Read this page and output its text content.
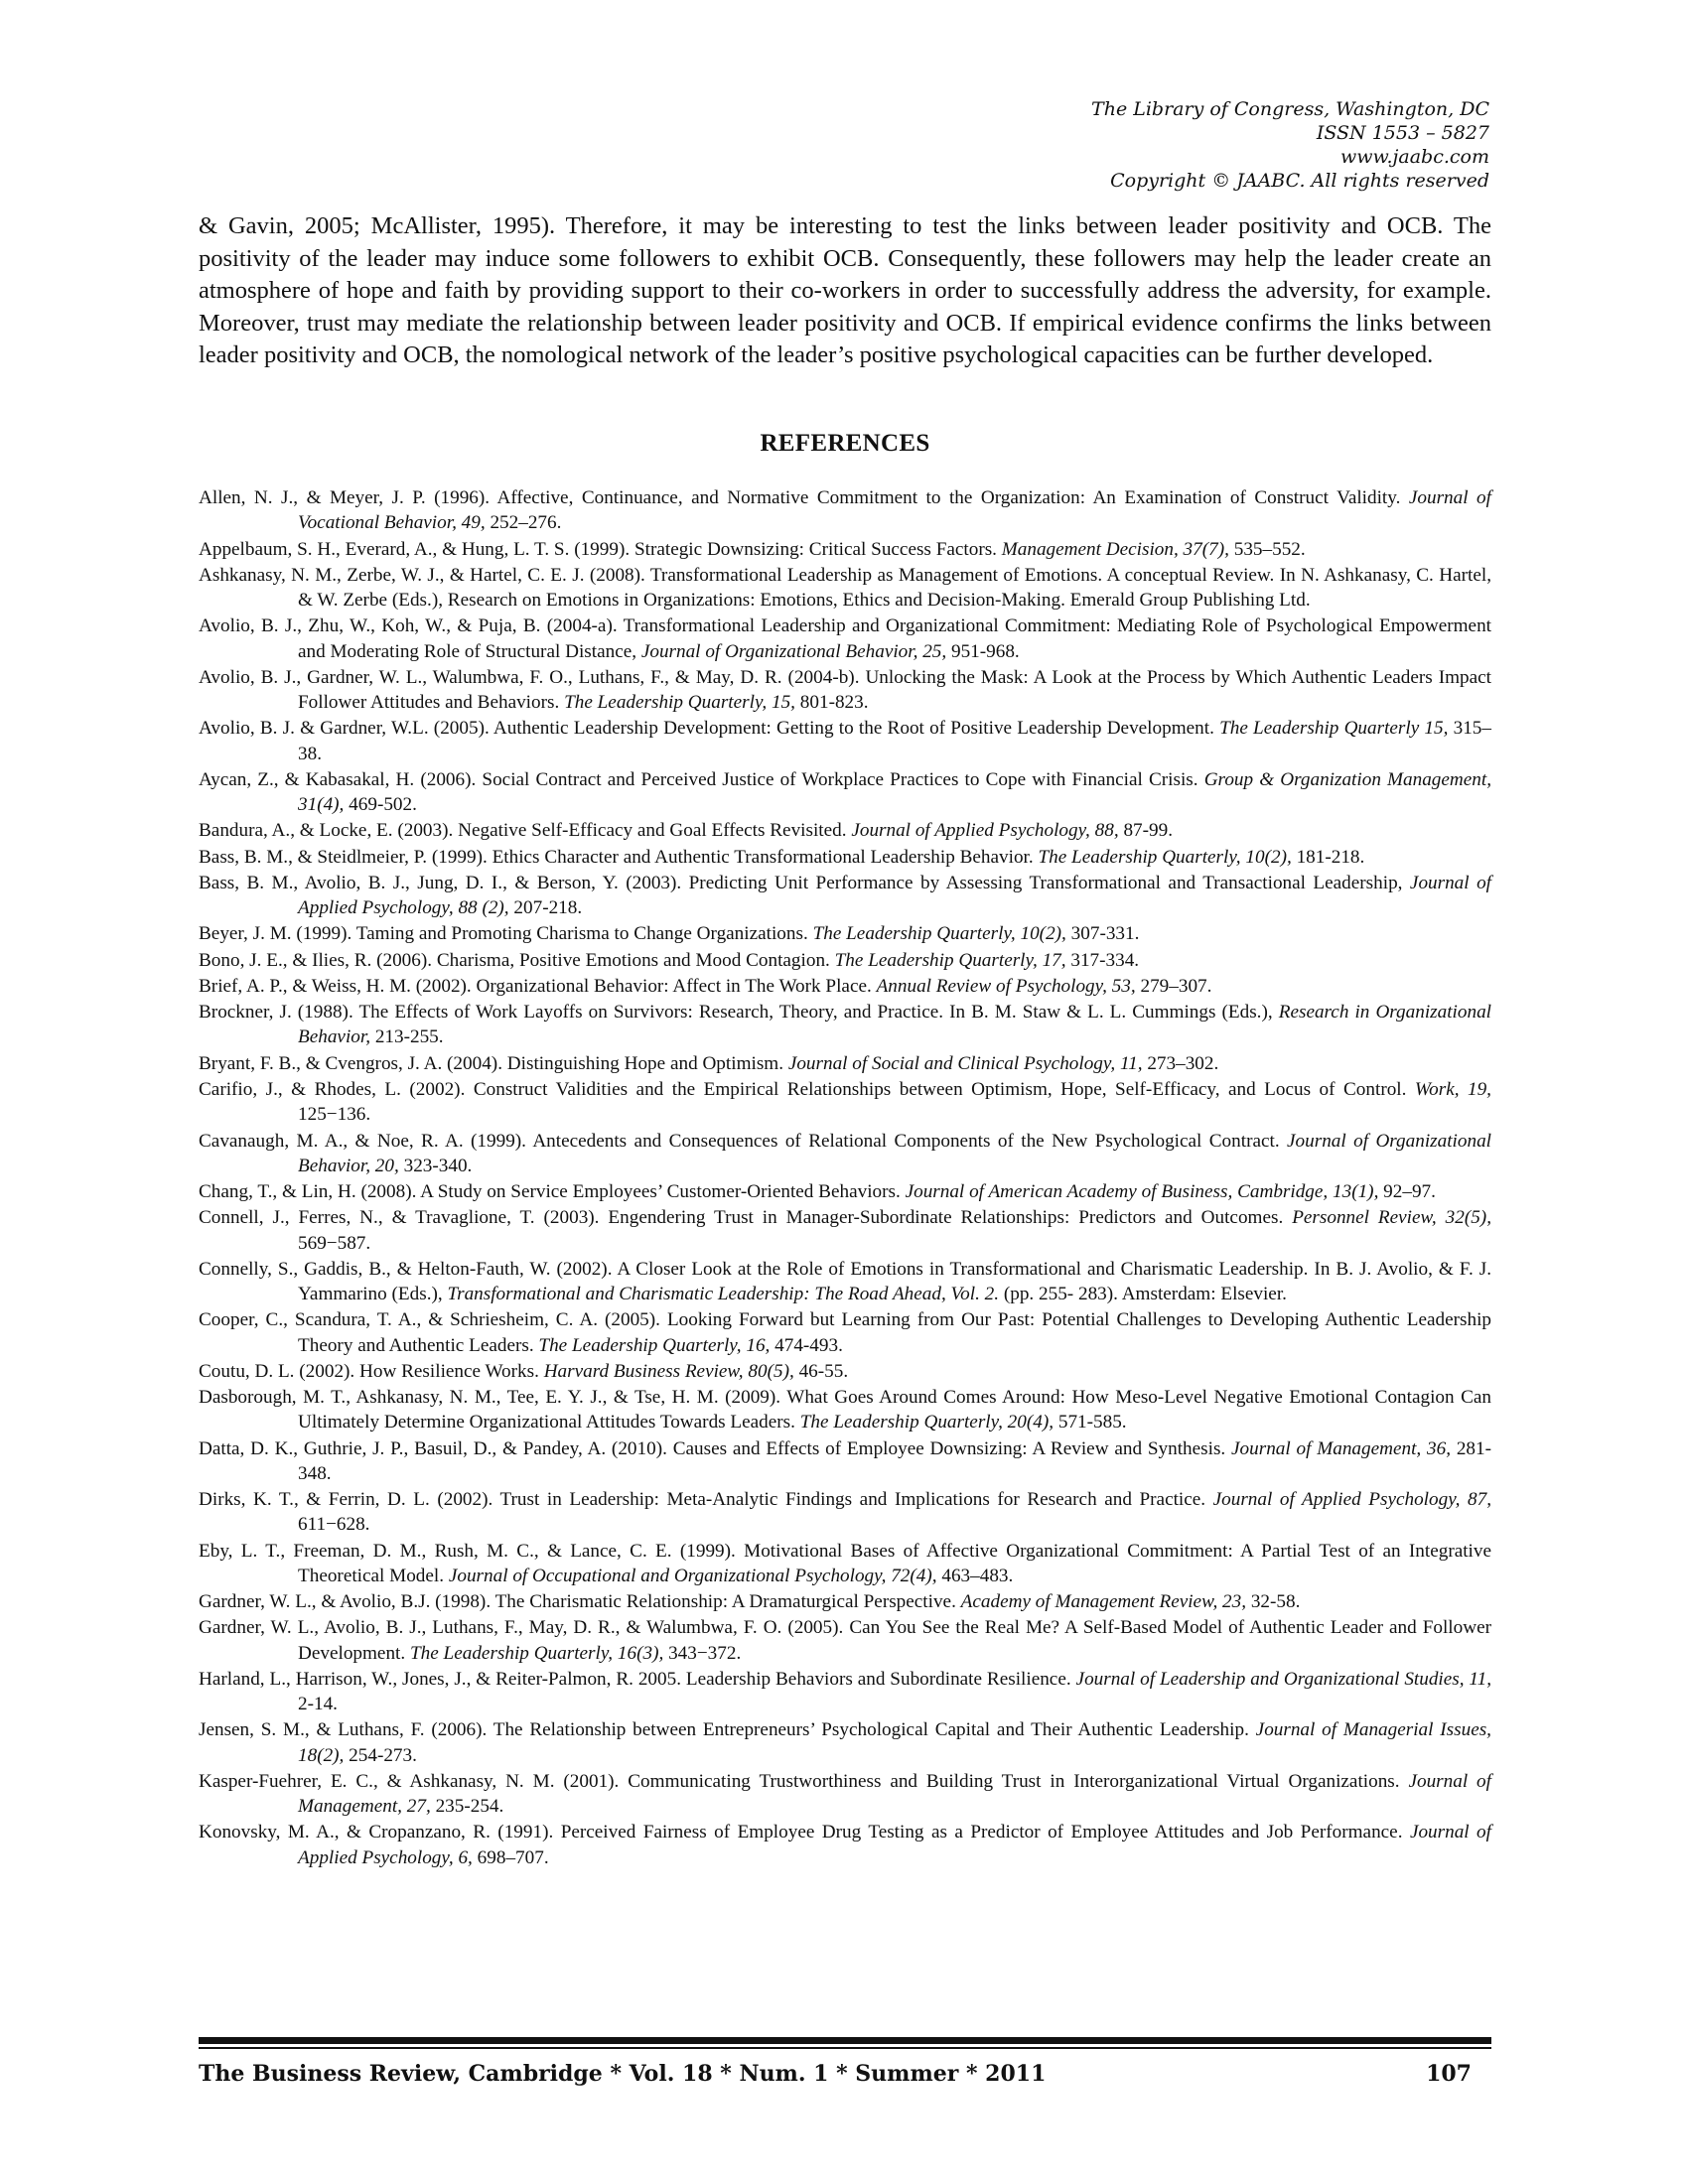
The Library of Congress, Washington, DC
ISSN 1553 – 5827
www.jaabc.com
Copyright © JAABC. All rights reserved

& Gavin, 2005; McAllister, 1995). Therefore, it may be interesting to test the links between leader positivity and OCB. The positivity of the leader may induce some followers to exhibit OCB. Consequently, these followers may help the leader create an atmosphere of hope and faith by providing support to their co-workers in order to successfully address the adversity, for example. Moreover, trust may mediate the relationship between leader positivity and OCB. If empirical evidence confirms the links between leader positivity and OCB, the nomological network of the leader’s positive psychological capacities can be further developed.

REFERENCES
Allen, N. J., & Meyer, J. P. (1996). Affective, Continuance, and Normative Commitment to the Organization: An Examination of Construct Validity. Journal of Vocational Behavior, 49, 252–276.
Appelbaum, S. H., Everard, A., & Hung, L. T. S. (1999). Strategic Downsizing: Critical Success Factors. Management Decision, 37(7), 535–552.
Ashkanasy, N. M., Zerbe, W. J., & Hartel, C. E. J. (2008). Transformational Leadership as Management of Emotions. A conceptual Review. In N. Ashkanasy, C. Hartel, & W. Zerbe (Eds.), Research on Emotions in Organizations: Emotions, Ethics and Decision-Making. Emerald Group Publishing Ltd.
Avolio, B. J., Zhu, W., Koh, W., & Puja, B. (2004-a). Transformational Leadership and Organizational Commitment: Mediating Role of Psychological Empowerment and Moderating Role of Structural Distance, Journal of Organizational Behavior, 25, 951-968.
Avolio, B. J., Gardner, W. L., Walumbwa, F. O., Luthans, F., & May, D. R. (2004-b). Unlocking the Mask: A Look at the Process by Which Authentic Leaders Impact Follower Attitudes and Behaviors. The Leadership Quarterly, 15, 801-823.
Avolio, B. J. & Gardner, W.L. (2005). Authentic Leadership Development: Getting to the Root of Positive Leadership Development. The Leadership Quarterly 15, 315–38.
Aycan, Z., & Kabasakal, H. (2006). Social Contract and Perceived Justice of Workplace Practices to Cope with Financial Crisis. Group & Organization Management, 31(4), 469-502.
Bandura, A., & Locke, E. (2003). Negative Self-Efficacy and Goal Effects Revisited. Journal of Applied Psychology, 88, 87-99.
Bass, B. M., & Steidlmeier, P. (1999). Ethics Character and Authentic Transformational Leadership Behavior. The Leadership Quarterly, 10(2), 181-218.
Bass, B. M., Avolio, B. J., Jung, D. I., & Berson, Y. (2003). Predicting Unit Performance by Assessing Transformational and Transactional Leadership, Journal of Applied Psychology, 88 (2), 207-218.
Beyer, J. M. (1999). Taming and Promoting Charisma to Change Organizations. The Leadership Quarterly, 10(2), 307-331.
Bono, J. E., & Ilies, R. (2006). Charisma, Positive Emotions and Mood Contagion. The Leadership Quarterly, 17, 317-334.
Brief, A. P., & Weiss, H. M. (2002). Organizational Behavior: Affect in The Work Place. Annual Review of Psychology, 53, 279–307.
Brockner, J. (1988). The Effects of Work Layoffs on Survivors: Research, Theory, and Practice. In B. M. Staw & L. L. Cummings (Eds.), Research in Organizational Behavior, 213-255.
Bryant, F. B., & Cvengros, J. A. (2004). Distinguishing Hope and Optimism. Journal of Social and Clinical Psychology, 11, 273–302.
Carifio, J., & Rhodes, L. (2002). Construct Validities and the Empirical Relationships between Optimism, Hope, Self-Efficacy, and Locus of Control. Work, 19, 125−136.
Cavanaugh, M. A., & Noe, R. A. (1999). Antecedents and Consequences of Relational Components of the New Psychological Contract. Journal of Organizational Behavior, 20, 323-340.
Chang, T., & Lin, H. (2008). A Study on Service Employees’ Customer-Oriented Behaviors. Journal of American Academy of Business, Cambridge, 13(1), 92–97.
Connell, J., Ferres, N., & Travaglione, T. (2003). Engendering Trust in Manager-Subordinate Relationships: Predictors and Outcomes. Personnel Review, 32(5), 569−587.
Connelly, S., Gaddis, B., & Helton-Fauth, W. (2002). A Closer Look at the Role of Emotions in Transformational and Charismatic Leadership. In B. J. Avolio, & F. J. Yammarino (Eds.), Transformational and Charismatic Leadership: The Road Ahead, Vol. 2. (pp. 255- 283). Amsterdam: Elsevier.
Cooper, C., Scandura, T. A., & Schriesheim, C. A. (2005). Looking Forward but Learning from Our Past: Potential Challenges to Developing Authentic Leadership Theory and Authentic Leaders. The Leadership Quarterly, 16, 474-493.
Coutu, D. L. (2002). How Resilience Works. Harvard Business Review, 80(5), 46-55.
Dasborough, M. T., Ashkanasy, N. M., Tee, E. Y. J., & Tse, H. M. (2009). What Goes Around Comes Around: How Meso-Level Negative Emotional Contagion Can Ultimately Determine Organizational Attitudes Towards Leaders. The Leadership Quarterly, 20(4), 571-585.
Datta, D. K., Guthrie, J. P., Basuil, D., & Pandey, A. (2010). Causes and Effects of Employee Downsizing: A Review and Synthesis. Journal of Management, 36, 281-348.
Dirks, K. T., & Ferrin, D. L. (2002). Trust in Leadership: Meta-Analytic Findings and Implications for Research and Practice. Journal of Applied Psychology, 87, 611−628.
Eby, L. T., Freeman, D. M., Rush, M. C., & Lance, C. E. (1999). Motivational Bases of Affective Organizational Commitment: A Partial Test of an Integrative Theoretical Model. Journal of Occupational and Organizational Psychology, 72(4), 463–483.
Gardner, W. L., & Avolio, B.J. (1998). The Charismatic Relationship: A Dramaturgical Perspective. Academy of Management Review, 23, 32-58.
Gardner, W. L., Avolio, B. J., Luthans, F., May, D. R., & Walumbwa, F. O. (2005). Can You See the Real Me? A Self-Based Model of Authentic Leader and Follower Development. The Leadership Quarterly, 16(3), 343−372.
Harland, L., Harrison, W., Jones, J., & Reiter-Palmon, R. 2005. Leadership Behaviors and Subordinate Resilience. Journal of Leadership and Organizational Studies, 11, 2-14.
Jensen, S. M., & Luthans, F. (2006). The Relationship between Entrepreneurs’ Psychological Capital and Their Authentic Leadership. Journal of Managerial Issues, 18(2), 254-273.
Kasper-Fuehrer, E. C., & Ashkanasy, N. M. (2001). Communicating Trustworthiness and Building Trust in Interorganizational Virtual Organizations. Journal of Management, 27, 235-254.
Konovsky, M. A., & Cropanzano, R. (1991). Perceived Fairness of Employee Drug Testing as a Predictor of Employee Attitudes and Job Performance. Journal of Applied Psychology, 6, 698–707.
The Business Review, Cambridge * Vol. 18 * Num. 1 * Summer * 2011	107
